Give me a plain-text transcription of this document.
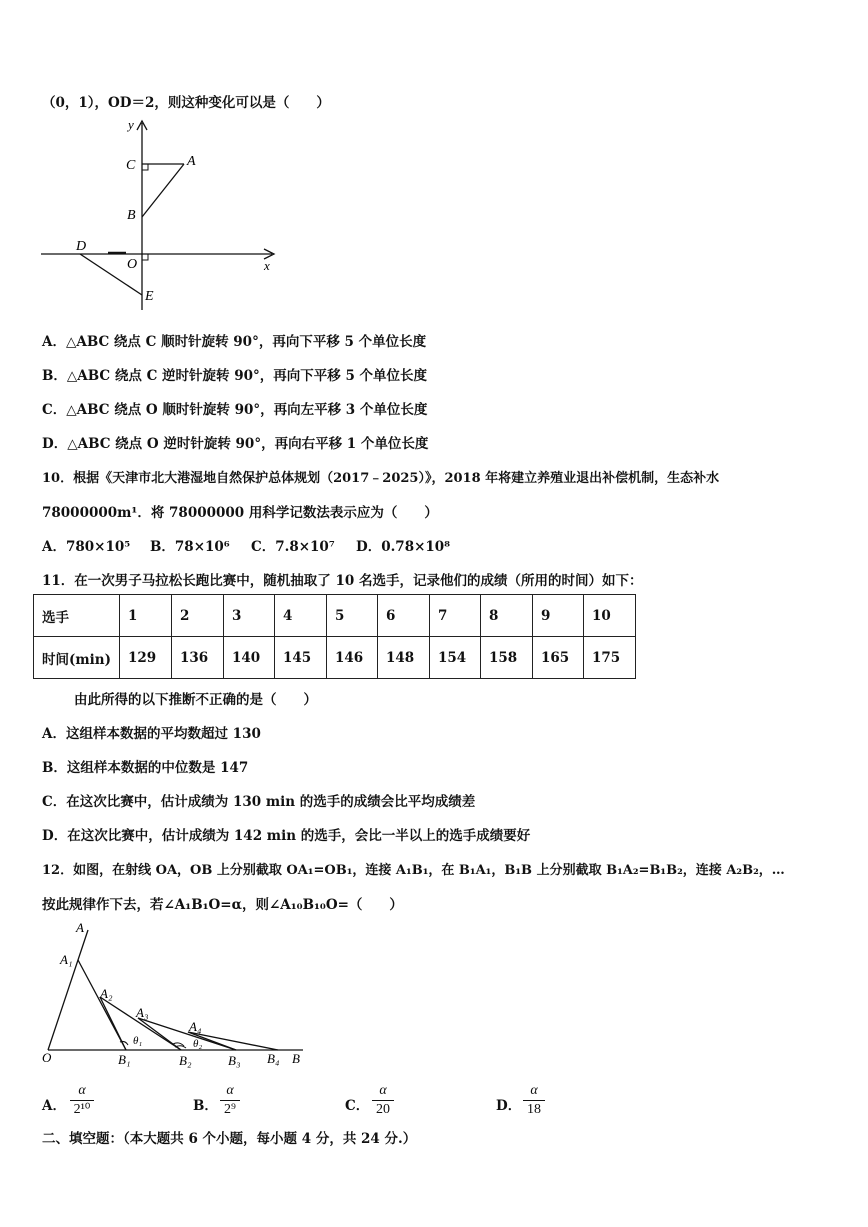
（0，1），OD＝2，则这种变化可以是（　　）
y
x
C	A
B
D
O
E
A．△ABC 绕点 C 顺时针旋转 90°，再向下平移 5 个单位长度
B．△ABC 绕点 C 逆时针旋转 90°，再向下平移 5 个单位长度
C．△ABC 绕点 O 顺时针旋转 90°，再向左平移 3 个单位长度
D．△ABC 绕点 O 逆时针旋转 90°，再向右平移 1 个单位长度
10．根据《天津市北大港湿地自然保护总体规划（2017﹣2025）》，2018 年将建立养殖业退出补偿机制，生态补水
78000000m¹．将 78000000 用科学记数法表示应为（　　）
A．780×10⁵ B．78×10⁶ C．7.8×10⁷ D．0.78×10⁸
11．在一次男子马拉松长跑比赛中，随机抽取了 10 名选手，记录他们的成绩（所用的时间）如下：
选手	1	2	3	4	5	6	7	8	9	10
时间(min)	129	136	140	145	146	148	154	158	165	175
由此所得的以下推断不正确的是（　　）
A．这组样本数据的平均数超过 130
B．这组样本数据的中位数是 147
C．在这次比赛中，估计成绩为 130 min 的选手的成绩会比平均成绩差
D．在这次比赛中，估计成绩为 142 min 的选手，会比一半以上的选手成绩要好
12．如图，在射线 OA，OB 上分别截取 OA₁=OB₁，连接 A₁B₁，在 B₁A₁，B₁B 上分别截取 B₁A₂=B₁B₂，连接 A₂B₂，…
按此规律作下去，若∠A₁B₁O=α，则∠A₁₀B₁₀O=（　　）
A
A₁
A₂
A₃
A₄
O	B₁	B₂	B₃ B₄ B
θ₁	θ₂
A．
α
2¹⁰	B．
α
2⁹	C．
α
20	D．
α
18
二、填空题：（本大题共 6 个小题，每小题 4 分，共 24 分.）
